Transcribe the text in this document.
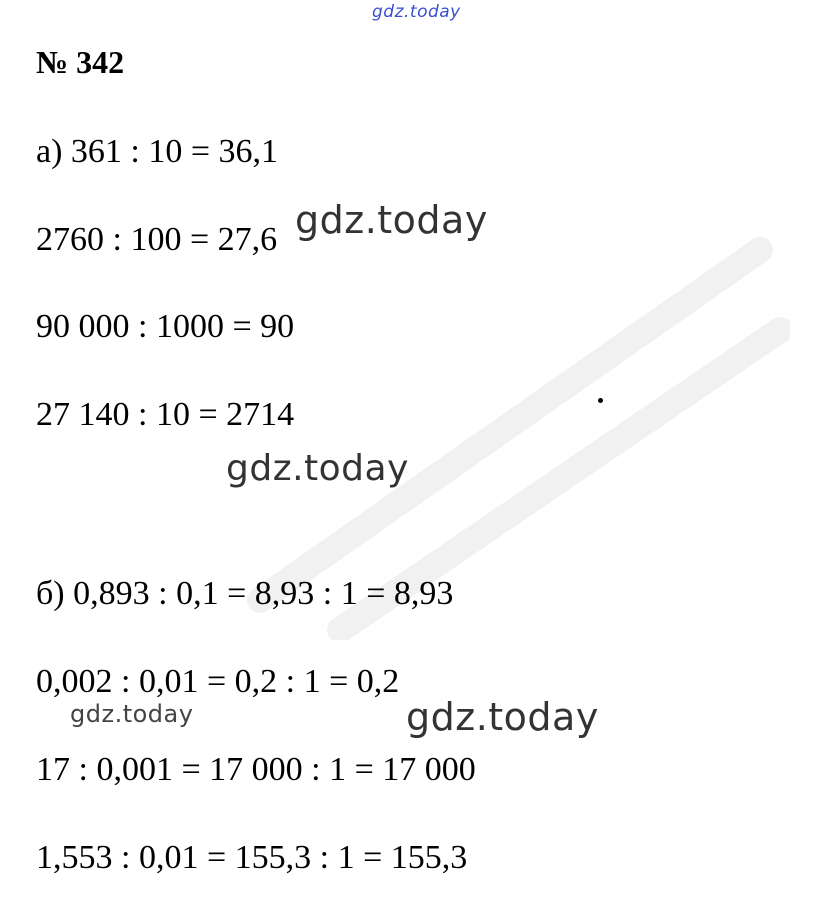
gdz.today
№ 342
а) 361 : 10 = 36,1
2760 : 100 = 27,6
90 000 : 1000 = 90
27 140 : 10 = 2714
б) 0,893 : 0,1 = 8,93 : 1 = 8,93
0,002 : 0,01 = 0,2 : 1 = 0,2
17 : 0,001 = 17 000 : 1 = 17 000
1,553 : 0,01 = 155,3 : 1 = 155,3
gdz.today
gdz.today
gdz.today	gdz.today
